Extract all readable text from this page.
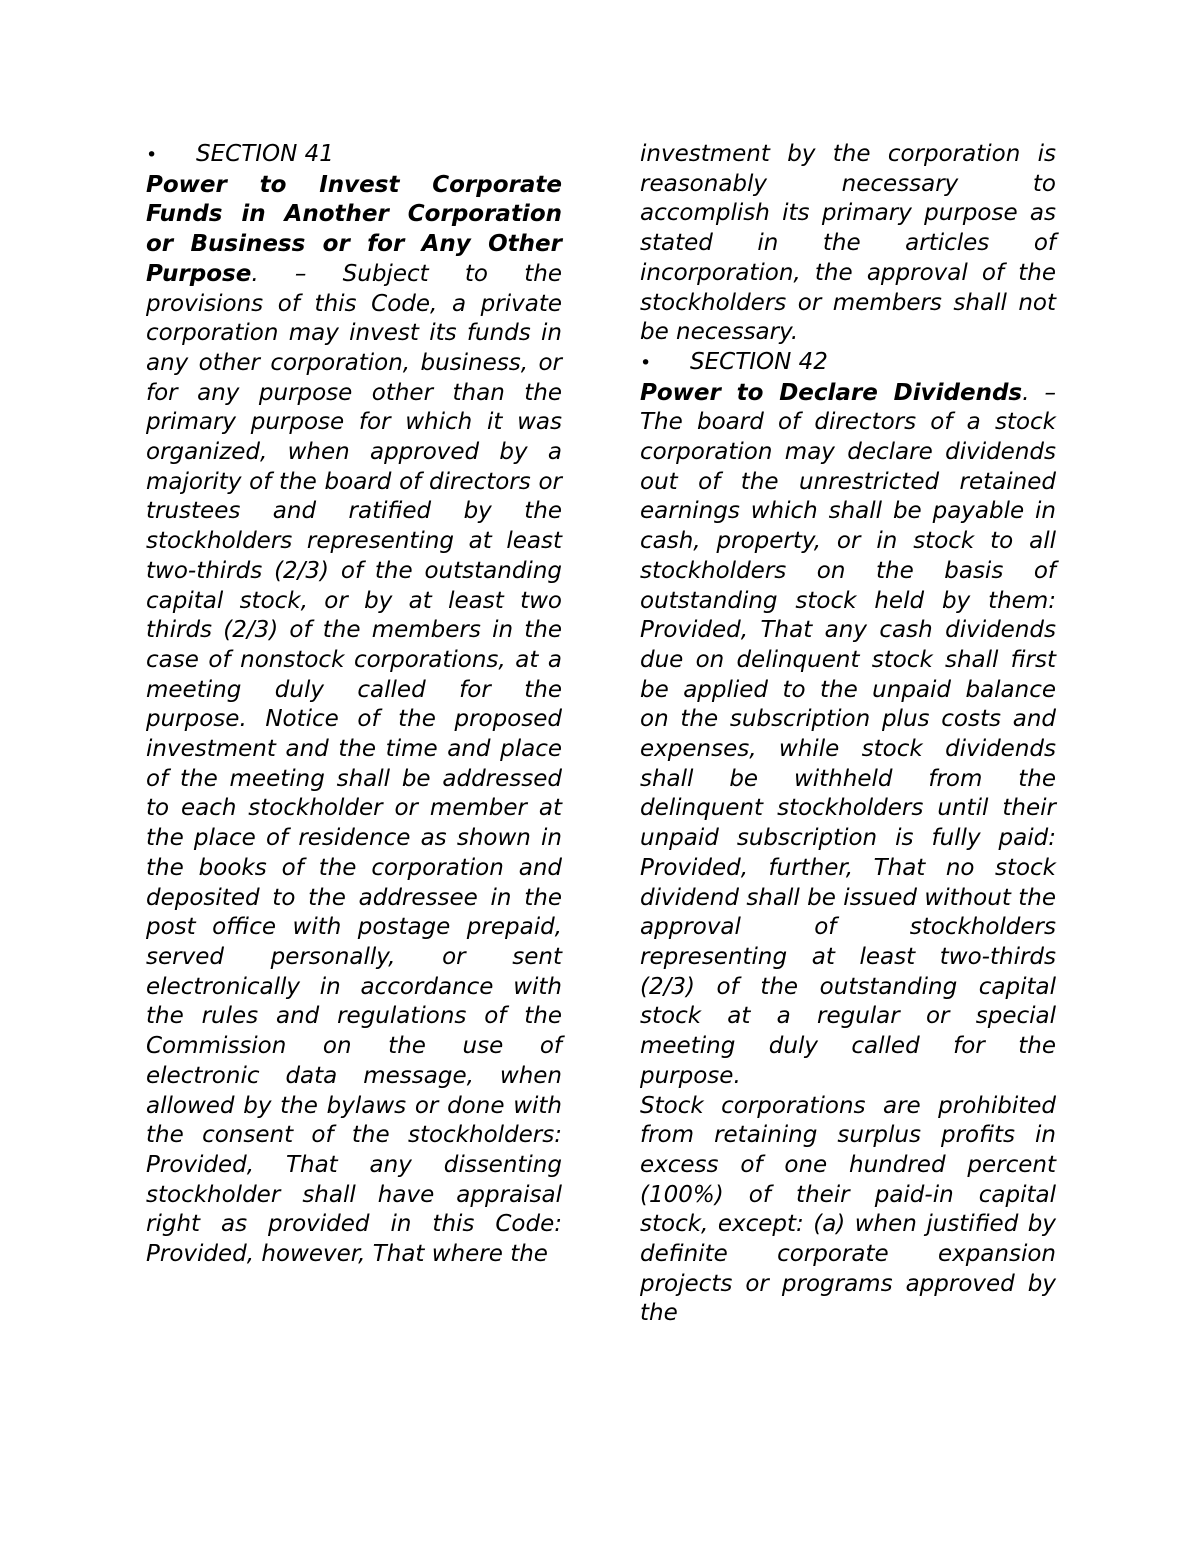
•	SECTION 41

Power to Invest Corporate Funds in Another Corporation or Business or for Any Other Purpose. – Subject to the provisions of this Code, a private corporation may invest its funds in any other corporation, business, or for any purpose other than the primary purpose for which it was organized, when approved by a majority of the board of directors or trustees and ratified by the stockholders representing at least two-thirds (2/3) of the outstanding capital stock, or by at least two thirds (2/3) of the members in the case of nonstock corporations, at a meeting duly called for the purpose. Notice of the proposed investment and the time and place of the meeting shall be addressed to each stockholder or member at the place of residence as shown in the books of the corporation and deposited to the addressee in the post office with postage prepaid, served personally, or sent electronically in accordance with the rules and regulations of the Commission on the use of electronic data message, when allowed by the bylaws or done with the consent of the stockholders: Provided, That any dissenting stockholder shall have appraisal right as provided in this Code: Provided, however, That where the

investment by the corporation is reasonably necessary to accomplish its primary purpose as stated in the articles of incorporation, the approval of the stockholders or members shall not be necessary.

•	SECTION 42

Power to Declare Dividends. – The board of directors of a stock corporation may declare dividends out of the unrestricted retained earnings which shall be payable in cash, property, or in stock to all stockholders on the basis of outstanding stock held by them: Provided, That any cash dividends due on delinquent stock shall first be applied to the unpaid balance on the subscription plus costs and expenses, while stock dividends shall be withheld from the delinquent stockholders until their unpaid subscription is fully paid: Provided, further, That no stock dividend shall be issued without the approval of stockholders representing at least two-thirds (2/3) of the outstanding capital stock at a regular or special meeting duly called for the purpose.

Stock corporations are prohibited from retaining surplus profits in excess of one hundred percent (100%) of their paid-in capital stock, except: (a) when justified by definite corporate expansion projects or programs approved by the
